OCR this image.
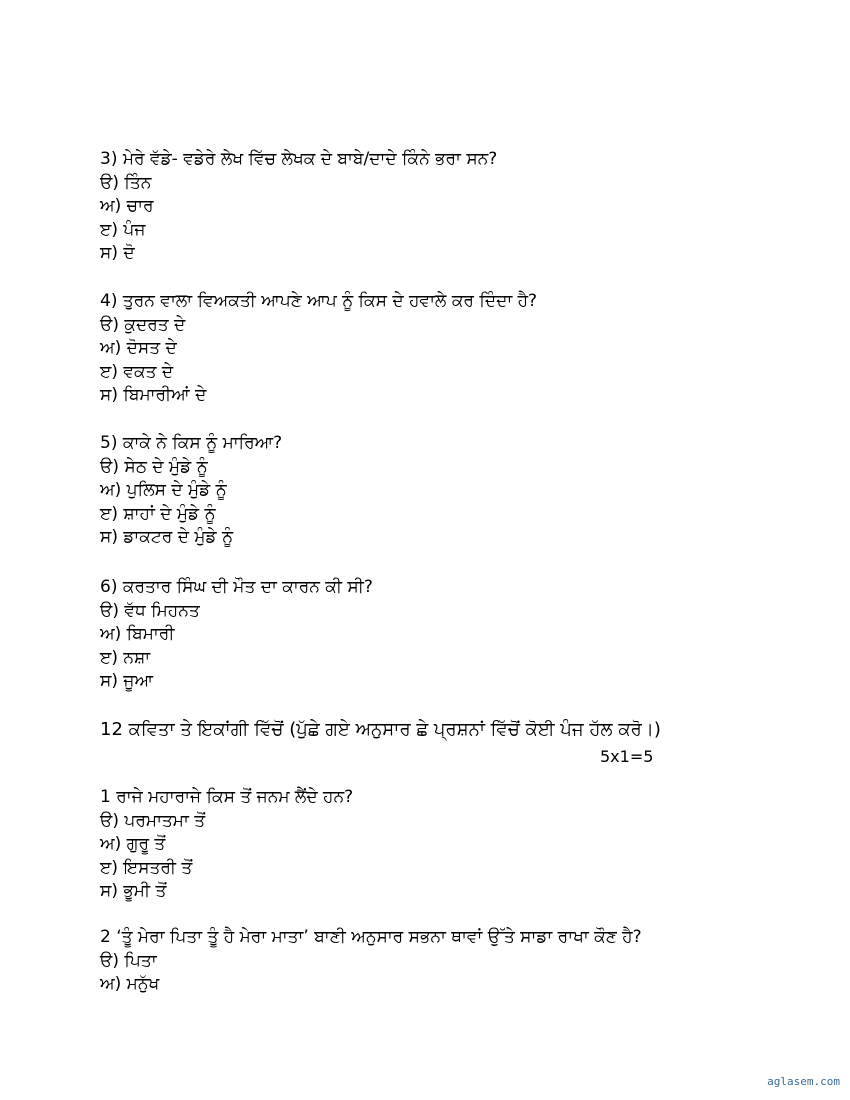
3) ਮੇਰੇ ਵੱਡੇ- ਵਡੇਰੇ ਲੇਖ ਵਿੱਚ ਲੇਖਕ ਦੇ ਬਾਬੇ/ਦਾਦੇ ਕਿੰਨੇ ਭਰਾ ਸਨ?
ੳ) ਤਿੰਨ
ਅ) ਚਾਰ
ੲ) ਪੰਜ
ਸ) ਦੋ
4) ਤੁਰਨ ਵਾਲਾ ਵਿਅਕਤੀ ਆਪਣੇ ਆਪ ਨੂੰ ਕਿਸ ਦੇ ਹਵਾਲੇ ਕਰ ਦਿੰਦਾ ਹੈ?
ੳ) ਕੁਦਰਤ ਦੇ
ਅ) ਦੋਸਤ ਦੇ
ੲ) ਵਕਤ ਦੇ
ਸ) ਬਿਮਾਰੀਆਂ ਦੇ
5) ਕਾਕੇ ਨੇ ਕਿਸ ਨੂੰ ਮਾਰਿਆ?
ੳ) ਸੇਠ ਦੇ ਮੁੰਡੇ ਨੂੰ
ਅ) ਪੁਲਿਸ ਦੇ ਮੁੰਡੇ ਨੂੰ
ੲ) ਸ਼ਾਹਾਂ ਦੇ ਮੁੰਡੇ ਨੂੰ
ਸ) ਡਾਕਟਰ ਦੇ ਮੁੰਡੇ ਨੂੰ
6) ਕਰਤਾਰ ਸਿੰਘ ਦੀ ਮੌਤ ਦਾ ਕਾਰਨ ਕੀ ਸੀ?
ੳ) ਵੱਧ ਮਿਹਨਤ
ਅ) ਬਿਮਾਰੀ
ੲ) ਨਸ਼ਾ
ਸ) ਜੂਆ
12 ਕਵਿਤਾ ਤੇ ਇਕਾਂਗੀ ਵਿੱਚੋਂ (ਪੁੱਛੇ ਗਏ ਅਨੁਸਾਰ ਛੇ ਪ੍ਰਸ਼ਨਾਂ ਵਿੱਚੋਂ ਕੋਈ ਪੰਜ ਹੱਲ ਕਰੋ।)
5x1=5
1 ਰਾਜੇ ਮਹਾਰਾਜੇ ਕਿਸ ਤੋਂ ਜਨਮ ਲੈਂਦੇ ਹਨ?
ੳ) ਪਰਮਾਤਮਾ ਤੋਂ
ਅ) ਗੁਰੂ ਤੋਂ
ੲ) ਇਸਤਰੀ ਤੋਂ
ਸ) ਭੂਮੀ ਤੋਂ
2 ‘ਤੂੰ ਮੇਰਾ ਪਿਤਾ ਤੂੰ ਹੈ ਮੇਰਾ ਮਾਤਾ’ ਬਾਣੀ ਅਨੁਸਾਰ ਸਭਨਾ ਥਾਵਾਂ ਉੱਤੇ ਸਾਡਾ ਰਾਖਾ ਕੌਣ ਹੈ?
ੳ) ਪਿਤਾ
ਅ) ਮਨੁੱਖ
aglasem.com
